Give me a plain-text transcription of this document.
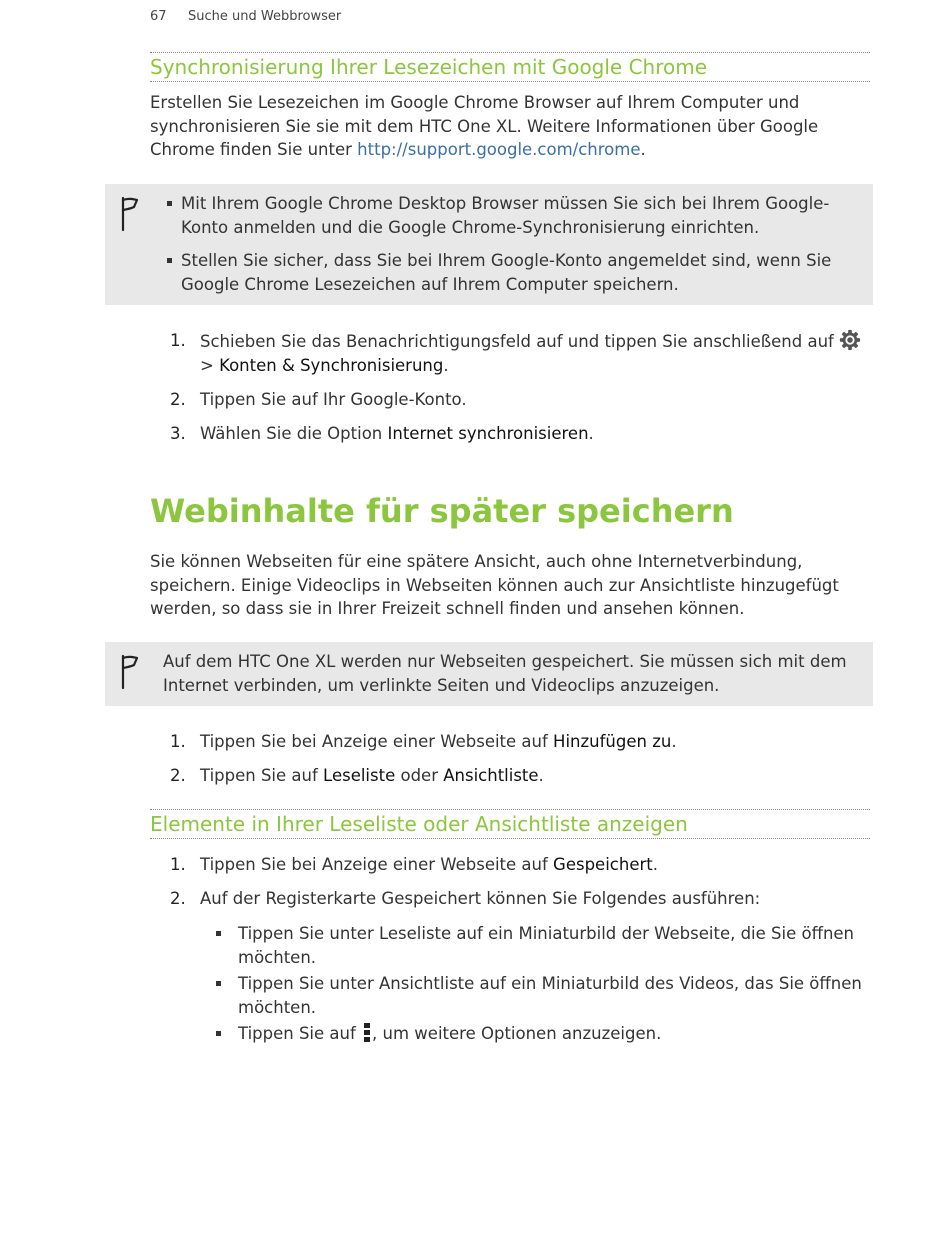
67 Suche und Webbrowser
Synchronisierung Ihrer Lesezeichen mit Google Chrome

Erstellen Sie Lesezeichen im Google Chrome Browser auf Ihrem Computer und synchronisieren Sie sie mit dem HTC One XL. Weitere Informationen über Google Chrome finden Sie unter http://support.google.com/chrome.

Mit Ihrem Google Chrome Desktop Browser müssen Sie sich bei Ihrem Google-Konto anmelden und die Google Chrome-Synchronisierung einrichten.
Stellen Sie sicher, dass Sie bei Ihrem Google-Konto angemeldet sind, wenn Sie Google Chrome Lesezeichen auf Ihrem Computer speichern.
1. Schieben Sie das Benachrichtigungsfeld auf und tippen Sie anschließend auf
> Konten & Synchronisierung.
2. Tippen Sie auf Ihr Google-Konto.
3. Wählen Sie die Option Internet synchronisieren.
Webinhalte für später speichern

Sie können Webseiten für eine spätere Ansicht, auch ohne Internetverbindung, speichern. Einige Videoclips in Webseiten können auch zur Ansichtliste hinzugefügt werden, so dass sie in Ihrer Freizeit schnell finden und ansehen können.

Auf dem HTC One XL werden nur Webseiten gespeichert. Sie müssen sich mit dem Internet verbinden, um verlinkte Seiten und Videoclips anzuzeigen.

1. Tippen Sie bei Anzeige einer Webseite auf Hinzufügen zu.
2. Tippen Sie auf Leseliste oder Ansichtliste.
Elemente in Ihrer Leseliste oder Ansichtliste anzeigen
1. Tippen Sie bei Anzeige einer Webseite auf Gespeichert.
2. Auf der Registerkarte Gespeichert können Sie Folgendes ausführen:
Tippen Sie unter Leseliste auf ein Miniaturbild der Webseite, die Sie öffnen möchten.
Tippen Sie unter Ansichtliste auf ein Miniaturbild des Videos, das Sie öffnen möchten.
Tippen Sie auf
, um weitere Optionen anzuzeigen.
